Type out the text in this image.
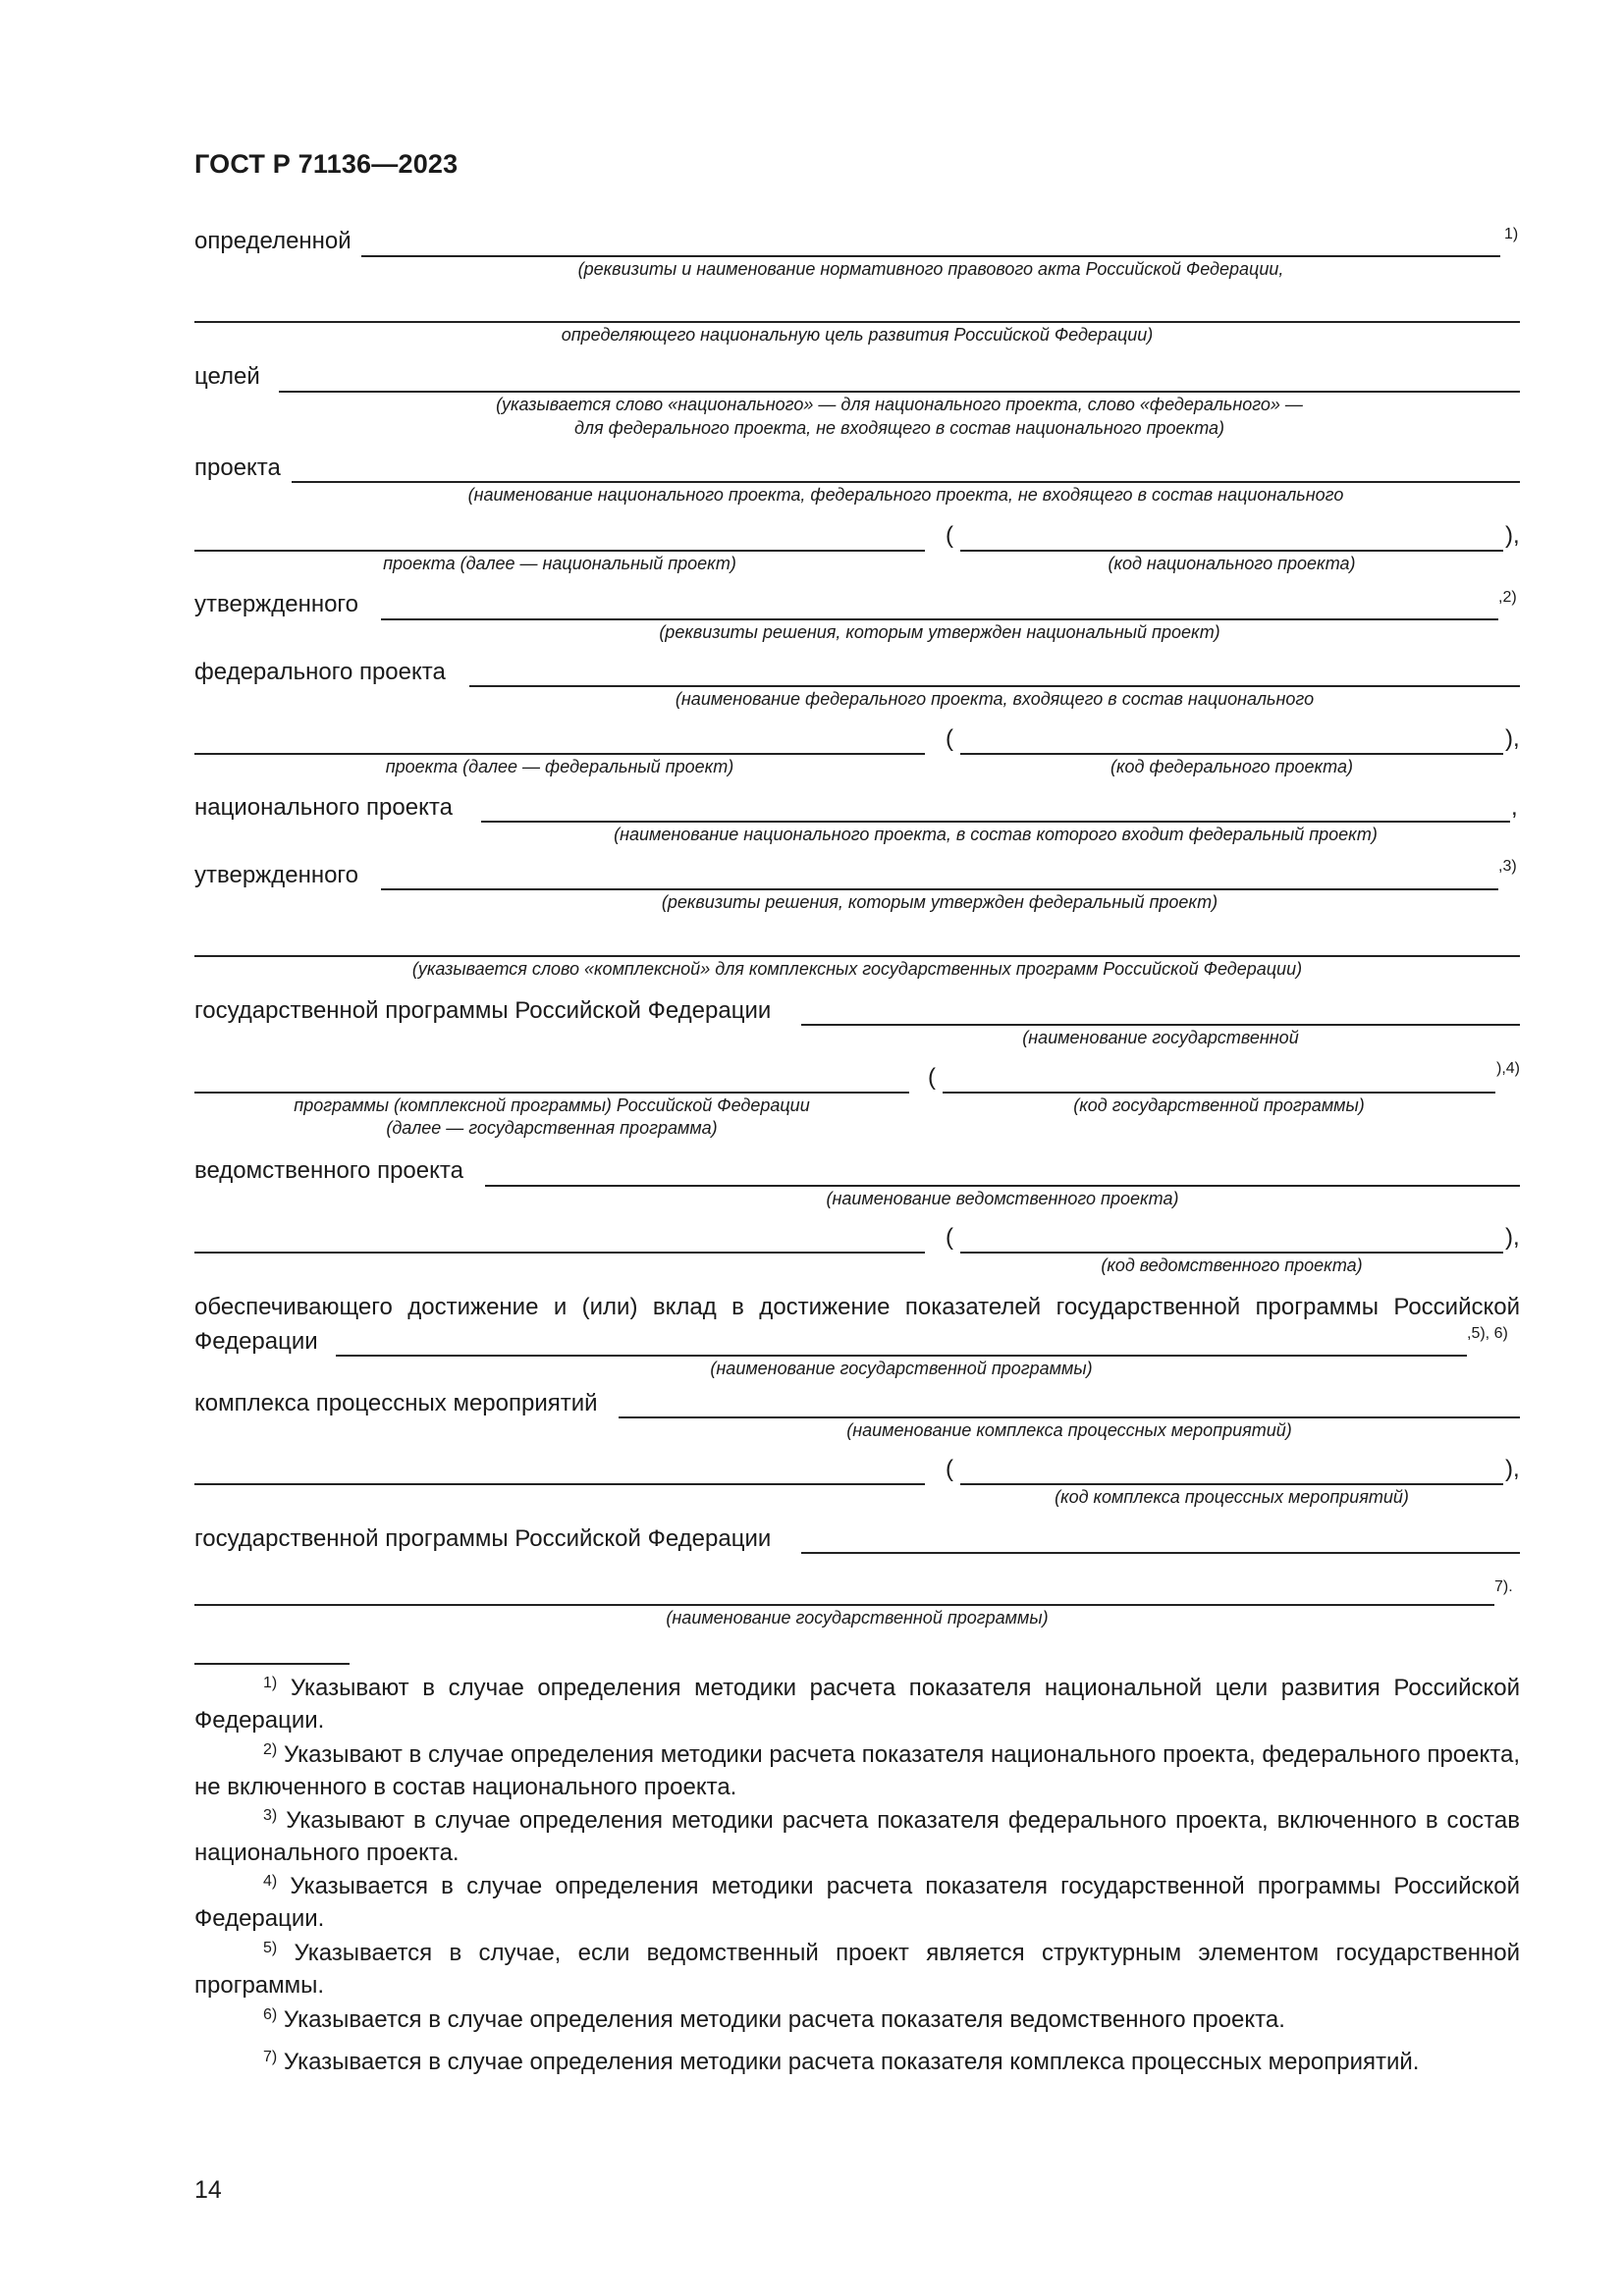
ГОСТ Р 71136—2023
определенной	1)
(реквизиты и наименование нормативного правового акта Российской Федерации,
определяющего национальную цель развития Российской Федерации)
целей
(указывается слово «национального» — для национального проекта, слово «федерального» —
для федерального проекта, не входящего в состав национального проекта)
проекта
(наименование национального проекта, федерального проекта, не входящего в состав национального
(	),
проекта (далее — национальный проект)	(код национального проекта)
утвержденного	,2)
(реквизиты решения, которым утвержден национальный проект)
федерального проекта
(наименование федерального проекта, входящего в состав национального
(	),
проекта (далее — федеральный проект)	(код федерального проекта)
национального проекта	,
(наименование национального проекта, в состав которого входит федеральный проект)
утвержденного	,3)
(реквизиты решения, которым утвержден федеральный проект)
(указывается слово «комплексной» для комплексных государственных программ Российской Федерации)
государственной программы Российской Федерации
(наименование государственной
(	),4)
программы (комплексной программы) Российской Федерации
(далее — государственная программа)
(код государственной программы)
ведомственного проекта
(наименование ведомственного проекта)
(	),
(код ведомственного проекта)
обеспечивающего достижение и (или) вклад в достижение показателей государственной программы Российской
Федерации	,5), 6)
(наименование государственной программы)
комплекса процессных мероприятий
(наименование комплекса процессных мероприятий)
(	),
(код комплекса процессных мероприятий)
государственной программы Российской Федерации
7).
(наименование государственной программы)
$^{1)}$ Указывают в случае определения методики расчета показателя национальной цели развития Российской Федерации.
$^{2)}$ Указывают в случае определения методики расчета показателя национального проекта, федерального проекта, не включенного в состав национального проекта.
$^{3)}$ Указывают в случае определения методики расчета показателя федерального проекта, включенного в состав национального проекта.
$^{4)}$ Указывается в случае определения методики расчета показателя государственной программы Российской Федерации.
$^{5)}$ Указывается в случае, если ведомственный проект является структурным элементом государственной программы.
$^{6)}$ Указывается в случае определения методики расчета показателя ведомственного проекта.
$^{7)}$ Указывается в случае определения методики расчета показателя комплекса процессных мероприятий.
14
